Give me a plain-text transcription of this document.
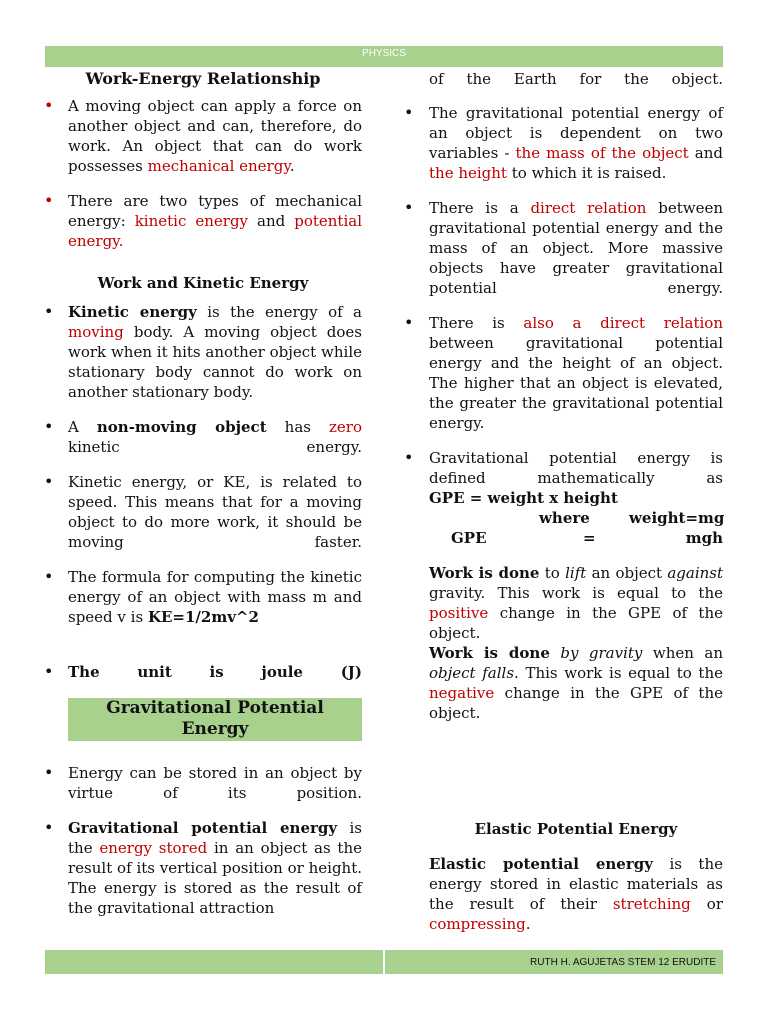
PHYSICS
RUTH H. AGUJETAS STEM 12 ERUDITE
Work-Energy Relationship
• A moving object can apply a force on another object and can, therefore, do work. An object that can do work possesses mechanical energy.
• There are two types of mechanical energy: kinetic energy and potential energy.
Work and Kinetic Energy
• Kinetic energy is the energy of a moving body. A moving object does work when it hits another object while stationary body cannot do work on another stationary body.
• A non-moving object has zero kinetic energy.
• Kinetic energy, or KE, is related to speed. This means that for a moving object to do more work, it should be moving faster.
• The formula for computing the kinetic energy of an object with mass m and speed v is KE=1/2mv^2
• The unit is joule (J)
Gravitational Potential Energy
• Energy can be stored in an object by virtue of its position.
• Gravitational potential energy is the energy stored in an object as the result of its vertical position or height. The energy is stored as the result of the gravitational attraction
of the Earth for the object.
• The gravitational potential energy of an object is dependent on two variables - the mass of the object and the height to which it is raised.
• There is a direct relation between gravitational potential energy and the mass of an object. More massive objects have greater gravitational potential energy.
• There is also a direct relation between gravitational potential energy and the height of an object. The higher that an object is elevated, the greater the gravitational potential energy.
• Gravitational potential energy is defined mathematically as
GPE = weight x height
where	weight=mg
GPE	=	mgh
Work is done to lift an object against gravity. This work is equal to the positive change in the GPE of the object.
Work is done by gravity when an object falls. This work is equal to the negative change in the GPE of the object.
Elastic Potential Energy
Elastic potential energy is the energy stored in elastic materials as the result of their stretching or compressing.
